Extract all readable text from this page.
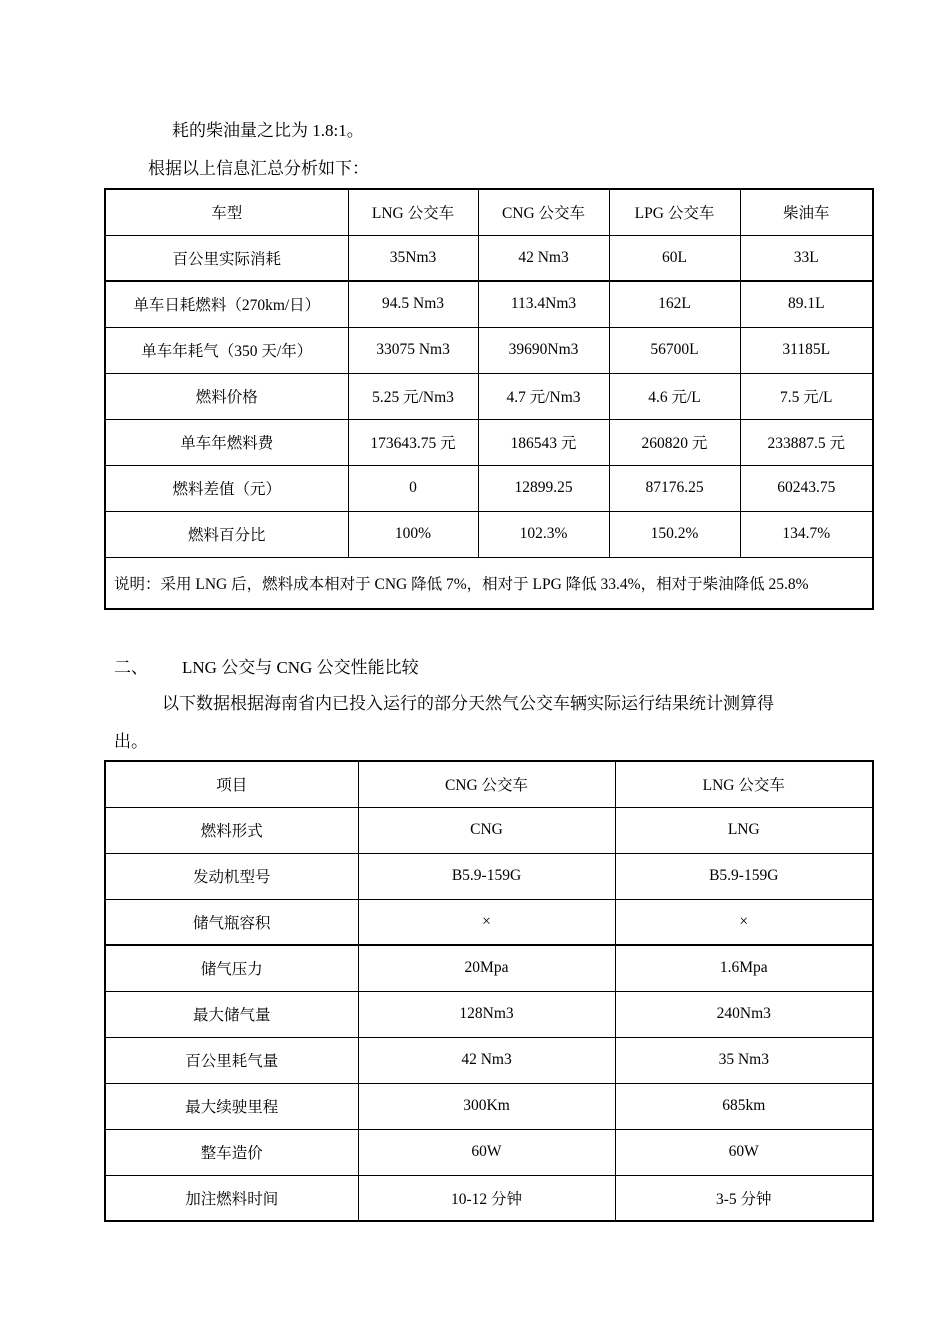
耗的柴油量之比为 1.8:1。
根据以上信息汇总分析如下：
车型	LNG 公交车	CNG 公交车	LPG 公交车	柴油车
百公里实际消耗	35Nm3	42 Nm3	60L	33L
单车日耗燃料（270km/日）	94.5 Nm3	113.4Nm3	162L	89.1L
单车年耗气（350 天/年）	33075 Nm3	39690Nm3	56700L	31185L
燃料价格	5.25 元/Nm3	4.7 元/Nm3	4.6 元/L	7.5 元/L
单车年燃料费	173643.75 元	186543 元	260820 元	233887.5 元
燃料差值（元）	0	12899.25	87176.25	60243.75
燃料百分比	100%	102.3%	150.2%	134.7%
说明：采用 LNG 后，燃料成本相对于 CNG 降低 7%，相对于 LPG 降低 33.4%，相对于柴油降低 25.8%				
二、 LNG 公交与 CNG 公交性能比较
以下数据根据海南省内已投入运行的部分天然气公交车辆实际运行结果统计测算得
出。
项目	CNG 公交车	LNG 公交车
燃料形式	CNG	LNG
发动机型号	B5.9-159G	B5.9-159G
储气瓶容积	×	×
储气压力	20Mpa	1.6Mpa
最大储气量	128Nm3	240Nm3
百公里耗气量	42 Nm3	35 Nm3
最大续驶里程	300Km	685km
整车造价	60W	60W
加注燃料时间	10-12 分钟	3-5 分钟
